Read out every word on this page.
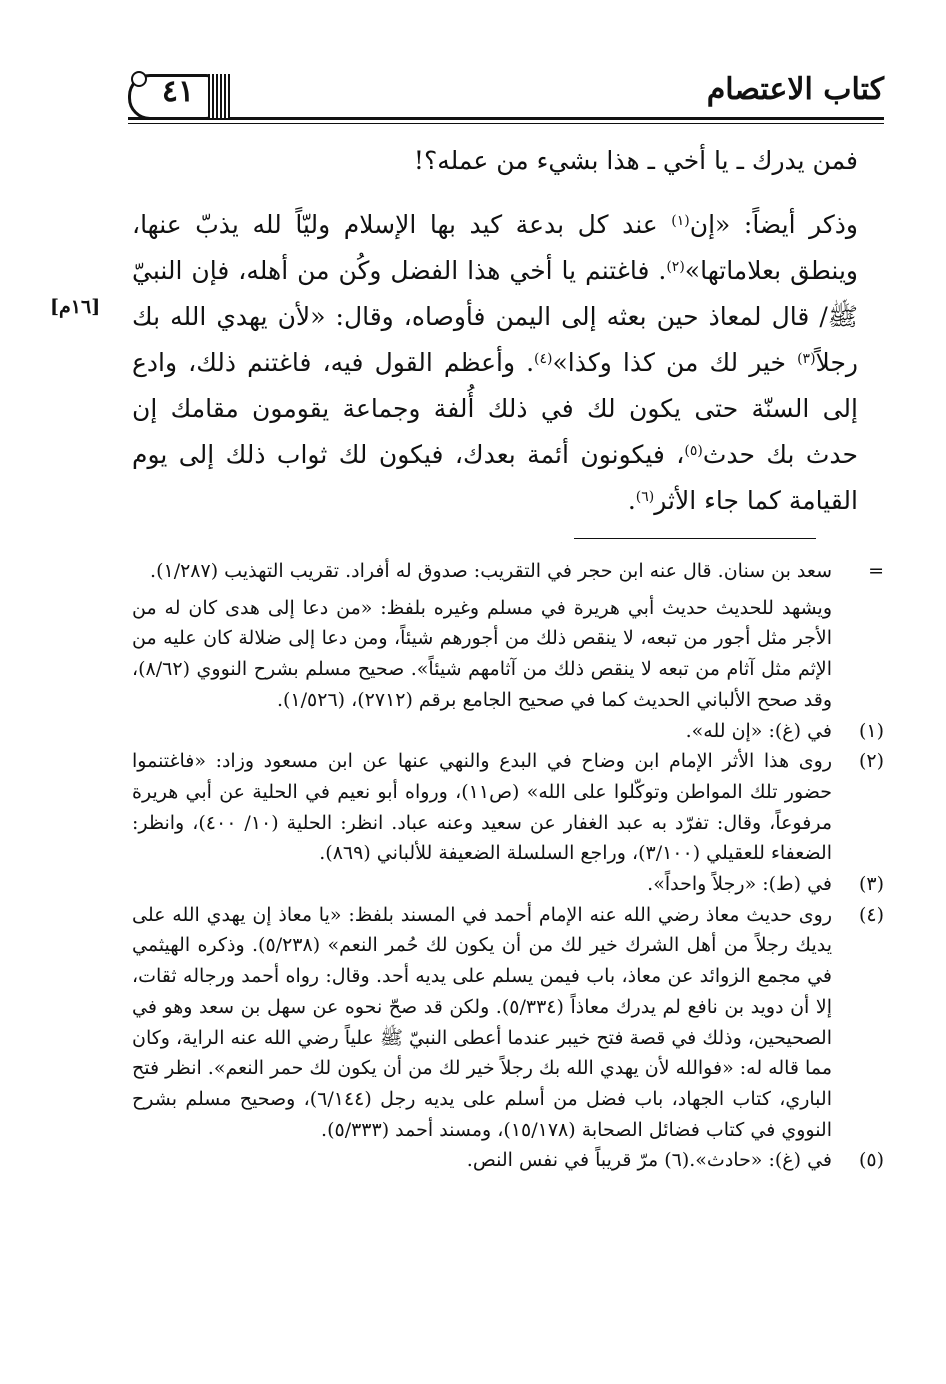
كتاب الاعتصام
٤١
[١٦م]

فمن يدرك ـ يا أخي ـ هذا بشيء من عمله؟!

وذكر أيضاً: «إن$^{(١)}$ عند كل بدعة كيد بها الإسلام وليّاً لله يذبّ عنها، وينطق بعلاماتها»$^{(٢)}$. فاغتنم يا أخي هذا الفضل وكُن من أهله، فإن النبيّ ﷺ/ قال لمعاذ حين بعثه إلى اليمن فأوصاه، وقال: «لأن يهدي الله بك رجلاً$^{(٣)}$ خير لك من كذا وكذا»$^{(٤)}$. وأعظم القول فيه، فاغتنم ذلك، وادع إلى السنّة حتى يكون لك في ذلك أُلفة وجماعة يقومون مقامك إن حدث بك حدث$^{(٥)}$، فيكونون أئمة بعدك، فيكون لك ثواب ذلك إلى يوم القيامة كما جاء الأثر$^{(٦)}$.

=
سعد بن سنان. قال عنه ابن حجر في التقريب: صدوق له أفراد. تقريب التهذيب (١/٢٨٧).
ويشهد للحديث حديث أبي هريرة في مسلم وغيره بلفظ: «من دعا إلى هدى كان له من الأجر مثل أجور من تبعه، لا ينقص ذلك من أجورهم شيئاً، ومن دعا إلى ضلالة كان عليه من الإثم مثل آثام من تبعه لا ينقص ذلك من آثامهم شيئاً». صحيح مسلم بشرح النووي (٨/٦٢)، وقد صحح الألباني الحديث كما في صحيح الجامع برقم (٢٧١٢)، (١/٥٢٦).
(١)
في (غ): «إن لله».
(٢)
روى هذا الأثر الإمام ابن وضاح في البدع والنهي عنها عن ابن مسعود وزاد: «فاغتنموا حضور تلك المواطن وتوكّلوا على الله» (ص١١)، ورواه أبو نعيم في الحلية عن أبي هريرة مرفوعاً، وقال: تفرّد به عبد الغفار عن سعيد وعنه عباد. انظر: الحلية (١٠/ ٤٠٠)، وانظر: الضعفاء للعقيلي (٣/١٠٠)، وراجع السلسلة الضعيفة للألباني (٨٦٩).
(٣)
في (ط): «رجلاً واحداً».
(٤)
روى حديث معاذ رضي الله عنه الإمام أحمد في المسند بلفظ: «يا معاذ إن يهدي الله على يديك رجلاً من أهل الشرك خير لك من أن يكون لك حُمر النعم» (٥/٢٣٨). وذكره الهيثمي في مجمع الزوائد عن معاذ، باب فيمن يسلم على يديه أحد. وقال: رواه أحمد ورجاله ثقات، إلا أن دويد بن نافع لم يدرك معاذاً (٥/٣٣٤). ولكن قد صحّ نحوه عن سهل بن سعد وهو في الصحيحين، وذلك في قصة فتح خيبر عندما أعطى النبيّ ﷺ علياً رضي الله عنه الراية، وكان مما قاله له: «فوالله لأن يهدي الله بك رجلاً خير لك من أن يكون لك حمر النعم». انظر فتح الباري، كتاب الجهاد، باب فضل من أسلم على يديه رجل (٦/١٤٤)، وصحيح مسلم بشرح النووي في كتاب فضائل الصحابة (١٥/١٧٨)، ومسند أحمد (٥/٣٣٣).
(٥)
في (غ): «حادث».(٦) مرّ قريباً في نفس النص.
